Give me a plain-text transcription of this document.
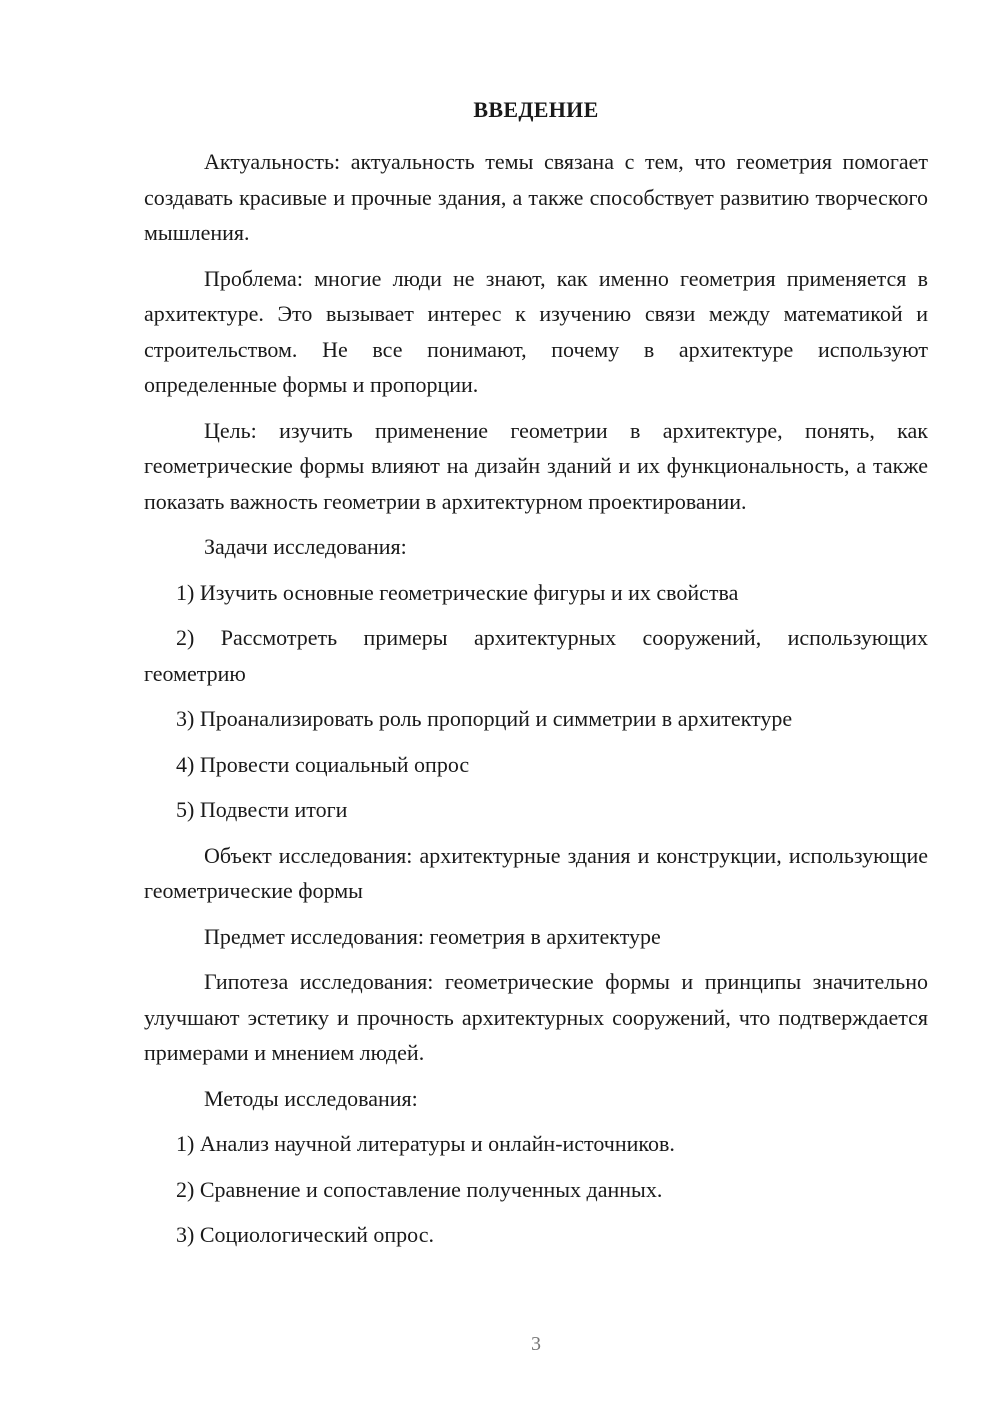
ВВЕДЕНИЕ

Актуальность: актуальность темы связана с тем, что геометрия помогает создавать красивые и прочные здания, а также способствует развитию творческого мышления.

Проблема: многие люди не знают, как именно геометрия применяется в архитектуре. Это вызывает интерес к изучению связи между математикой и строительством. Не все понимают, почему в архитектуре используют определенные формы и пропорции.

Цель: изучить применение геометрии в архитектуре, понять, как геометрические формы влияют на дизайн зданий и их функциональность, а также показать важность геометрии в архитектурном проектировании.

Задачи исследования:

1) Изучить основные геометрические фигуры и их свойства

2) Рассмотреть примеры архитектурных сооружений, использующих геометрию

3) Проанализировать роль пропорций и симметрии в архитектуре

4) Провести социальный опрос

5) Подвести итоги

Объект исследования: архитектурные здания и конструкции, использующие геометрические формы

Предмет исследования: геометрия в архитектуре

Гипотеза исследования: геометрические формы и принципы значительно улучшают эстетику и прочность архитектурных сооружений, что подтверждается примерами и мнением людей.

Методы исследования:

1) Анализ научной литературы и онлайн-источников.

2) Сравнение и сопоставление полученных данных.

3) Социологический опрос.

3
